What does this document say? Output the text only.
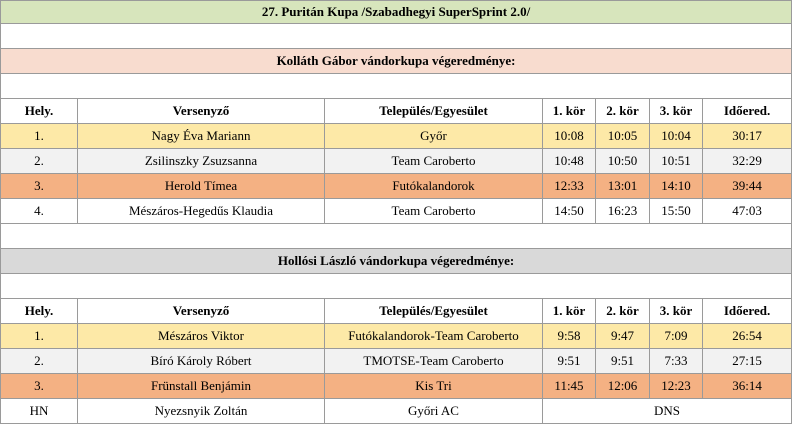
27. Puritán Kupa /Szabadhegyi SuperSprint 2.0/						

Kolláth Gábor vándorkupa végeredménye:						

Hely.	Versenyző	Település/Egyesület	1. kör	2. kör	3. kör	Időered.
1.	Nagy Éva Mariann	Győr	10:08	10:05	10:04	30:17
2.	Zsilinszky Zsuzsanna	Team Caroberto	10:48	10:50	10:51	32:29
3.	Herold Tímea	Futókalandorok	12:33	13:01	14:10	39:44
4.	Mészáros-Hegedűs Klaudia	Team Caroberto	14:50	16:23	15:50	47:03

Hollósi László vándorkupa végeredménye:						

Hely.	Versenyző	Település/Egyesület	1. kör	2. kör	3. kör	Időered.
1.	Mészáros Viktor	Futókalandorok-Team Caroberto	9:58	9:47	7:09	26:54
2.	Bíró Károly Róbert	TMOTSE-Team Caroberto	9:51	9:51	7:33	27:15
3.	Frünstall Benjámin	Kis Tri	11:45	12:06	12:23	36:14
HN	Nyezsnyik Zoltán	Győri AC	DNS			
